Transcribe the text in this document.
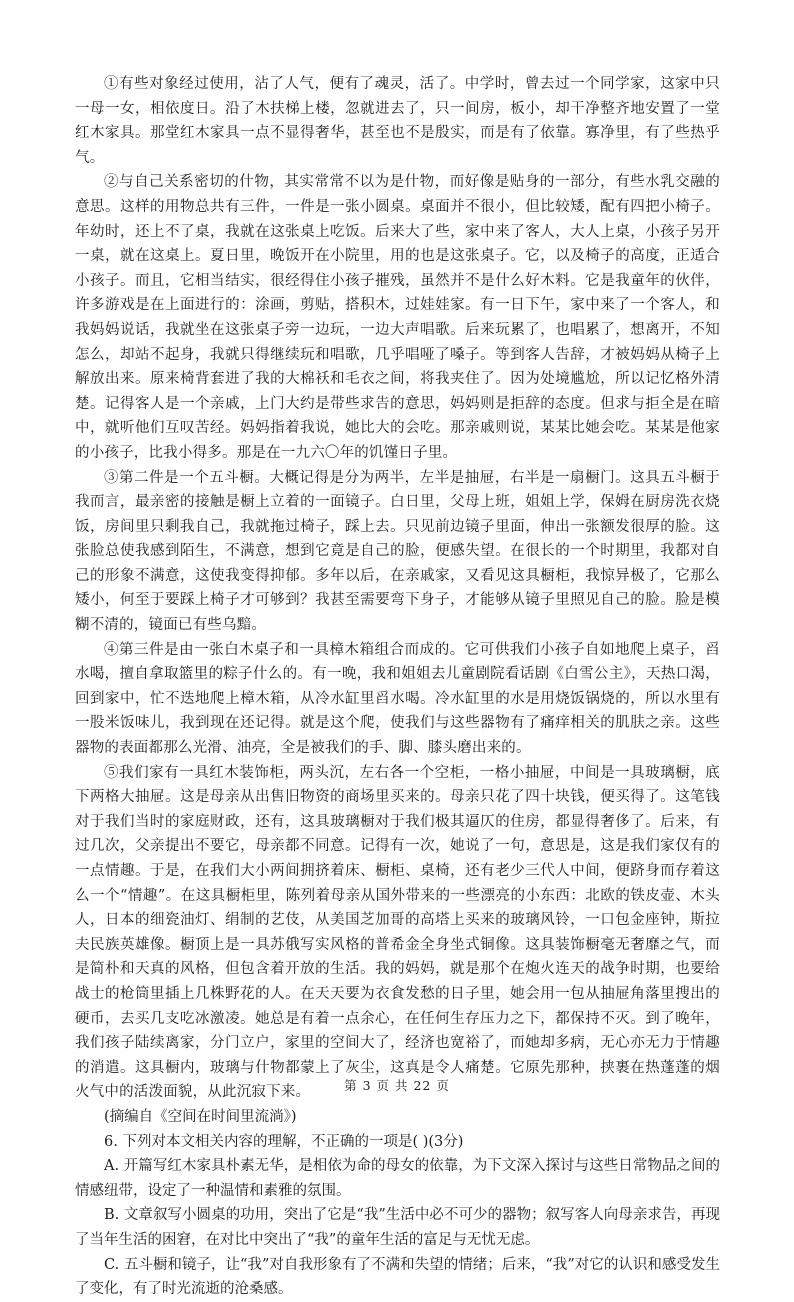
①有些对象经过使用，沾了人气，便有了魂灵，活了。中学时，曾去过一个同学家，这家中只一母一女，相依度日。沿了木扶梯上楼，忽就进去了，只一间房，板小，却干净整齐地安置了一堂红木家具。那堂红木家具一点不显得奢华，甚至也不是殷实，而是有了依靠。寡净里，有了些热乎气。

②与自己关系密切的什物，其实常常不以为是什物，而好像是贴身的一部分，有些水乳交融的意思。这样的用物总共有三件，一件是一张小圆桌。桌面并不很小，但比较矮，配有四把小椅子。年幼时，还上不了桌，我就在这张桌上吃饭。后来大了些，家中来了客人，大人上桌，小孩子另开一桌，就在这桌上。夏日里，晚饭开在小院里，用的也是这张桌子。它，以及椅子的高度，正适合小孩子。而且，它相当结实，很经得住小孩子摧残，虽然并不是什么好木料。它是我童年的伙伴，许多游戏是在上面进行的：涂画，剪贴，搭积木，过娃娃家。有一日下午，家中来了一个客人，和我妈妈说话，我就坐在这张桌子旁一边玩，一边大声唱歌。后来玩累了，也唱累了，想离开，不知怎么，却站不起身，我就只得继续玩和唱歌，几乎唱哑了嗓子。等到客人告辞，才被妈妈从椅子上解放出来。原来椅背套进了我的大棉袄和毛衣之间，将我夹住了。因为处境尴尬，所以记忆格外清楚。记得客人是一个亲戚，上门大约是带些求告的意思，妈妈则是拒辞的态度。但求与拒全是在暗中，就听他们互叹苦经。妈妈指着我说，她比大的会吃。那亲戚则说，某某比她会吃。某某是他家的小孩子，比我小得多。那是在一九六〇年的饥馑日子里。

③第二件是一个五斗橱。大概记得是分为两半，左半是抽屉，右半是一扇橱门。这具五斗橱于我而言，最亲密的接触是橱上立着的一面镜子。白日里，父母上班，姐姐上学，保姆在厨房洗衣烧饭，房间里只剩我自己，我就拖过椅子，踩上去。只见前边镜子里面，伸出一张额发很厚的脸。这张脸总使我感到陌生，不满意，想到它竟是自己的脸，便感失望。在很长的一个时期里，我都对自己的形象不满意，这使我变得抑郁。多年以后，在亲戚家，又看见这具橱柜，我惊异极了，它那么矮小，何至于要踩上椅子才可够到？我甚至需要弯下身子，才能够从镜子里照见自己的脸。脸是模糊不清的，镜面已有些乌黯。

④第三件是由一张白木桌子和一具樟木箱组合而成的。它可供我们小孩子自如地爬上桌子，舀水喝，擅自拿取篮里的粽子什么的。有一晚，我和姐姐去儿童剧院看话剧《白雪公主》，天热口渴，回到家中，忙不迭地爬上樟木箱，从冷水缸里舀水喝。冷水缸里的水是用烧饭锅烧的，所以水里有一股米饭味儿，我到现在还记得。就是这个爬，使我们与这些器物有了痛痒相关的肌肤之亲。这些器物的表面都那么光滑、油亮，全是被我们的手、脚、膝头磨出来的。

⑤我们家有一具红木装饰柜，两头沉，左右各一个空柜，一格小抽屉，中间是一具玻璃橱，底下两格大抽屉。这是母亲从出售旧物资的商场里买来的。母亲只花了四十块钱，便买得了。这笔钱对于我们当时的家庭财政，还有，这具玻璃橱对于我们极其逼仄的住房，都显得奢侈了。后来，有过几次，父亲提出不要它，母亲都不同意。记得有一次，她说了一句，意思是，这是我们家仅有的一点情趣。于是，在我们大小两间拥挤着床、橱柜、桌椅，还有老少三代人中间，便跻身而存着这么一个“情趣”。在这具橱柜里，陈列着母亲从国外带来的一些漂亮的小东西：北欧的铁皮壶、木头人，日本的细瓷油灯、绢制的艺伎，从美国芝加哥的高塔上买来的玻璃风铃，一口包金座钟，斯拉夫民族英雄像。橱顶上是一具苏俄写实风格的普希金全身坐式铜像。这具装饰橱毫无奢靡之气，而是简朴和天真的风格，但包含着开放的生活。我的妈妈，就是那个在炮火连天的战争时期，也要给战士的枪筒里插上几株野花的人。在天天要为衣食发愁的日子里，她会用一包从抽屉角落里搜出的硬币，去买几支吃冰激凌。她总是有着一点余心，在任何生存压力之下，都保持不灭。到了晚年，我们孩子陆续离家，分门立户，家里的空间大了，经济也宽裕了，而她却多病，无心亦无力于情趣的消遣。这具橱内，玻璃与什物都蒙上了灰尘，这真是令人痛楚。它原先那种，挟裹在热蓬蓬的烟火气中的活泼面貌，从此沉寂下来。

(摘编自《空间在时间里流淌》)

6. 下列对本文相关内容的理解，不正确的一项是( )(3分)

A. 开篇写红木家具朴素无华，是相依为命的母女的依靠，为下文深入探讨与这些日常物品之间的情感纽带，设定了一种温情和素雅的氛围。

B. 文章叙写小圆桌的功用，突出了它是“我”生活中必不可少的器物；叙写客人向母亲求告，再现了当年生活的困窘，在对比中突出了“我”的童年生活的富足与无忧无虑。

C. 五斗橱和镜子，让“我”对自我形象有了不满和失望的情绪；后来，“我”对它的认识和感受发生了变化，有了时光流逝的沧桑感。

第 3 页 共 22 页
